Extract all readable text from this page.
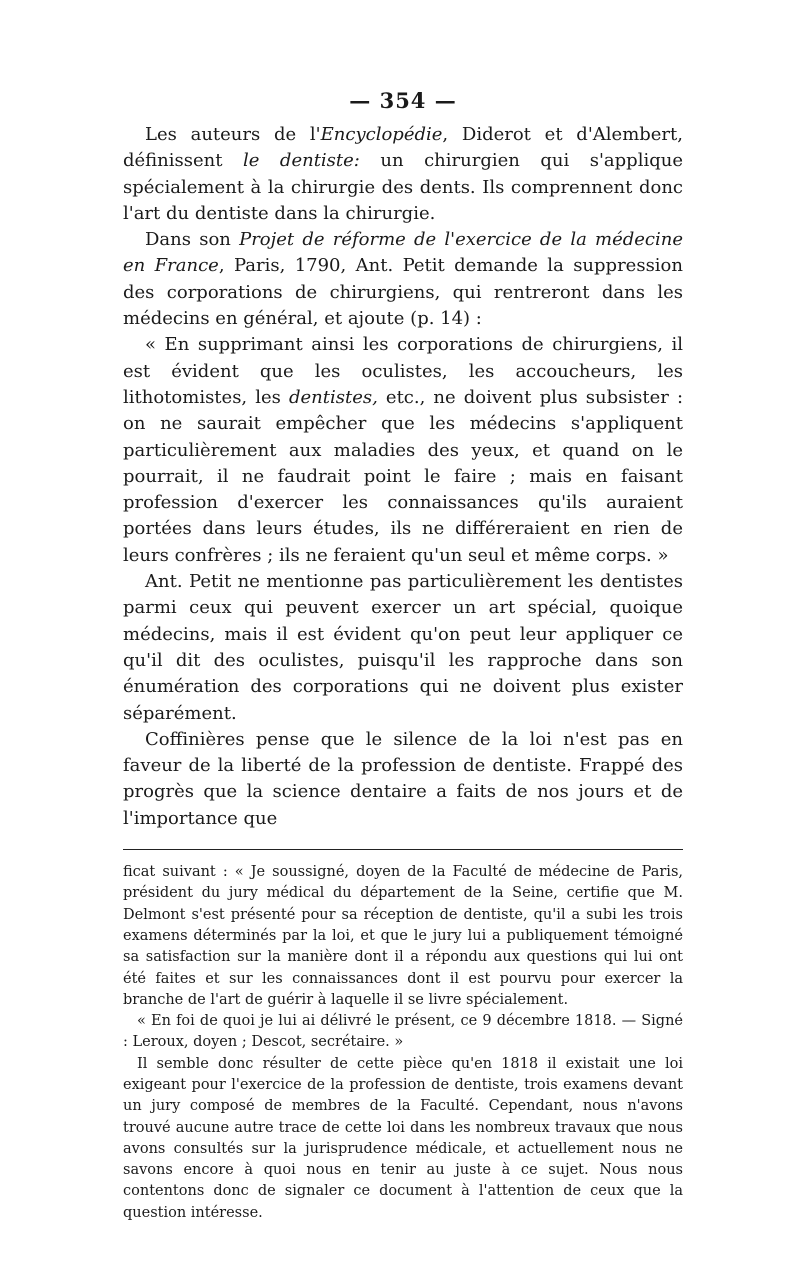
— 354 —

Les auteurs de l'Encyclopédie, Diderot et d'Alembert, définissent le dentiste: un chirurgien qui s'applique spécialement à la chirurgie des dents. Ils comprennent donc l'art du dentiste dans la chirurgie.

Dans son Projet de réforme de l'exercice de la médecine en France, Paris, 1790, Ant. Petit demande la suppression des corporations de chirurgiens, qui rentreront dans les médecins en général, et ajoute (p. 14) :

« En supprimant ainsi les corporations de chirurgiens, il est évident que les oculistes, les accoucheurs, les lithotomistes, les dentistes, etc., ne doivent plus subsister : on ne saurait empêcher que les médecins s'appliquent particulièrement aux maladies des yeux, et quand on le pourrait, il ne faudrait point le faire ; mais en faisant profession d'exercer les connaissances qu'ils auraient portées dans leurs études, ils ne différeraient en rien de leurs confrères ; ils ne feraient qu'un seul et même corps. »

Ant. Petit ne mentionne pas particulièrement les dentistes parmi ceux qui peuvent exercer un art spécial, quoique médecins, mais il est évident qu'on peut leur appliquer ce qu'il dit des oculistes, puisqu'il les rapproche dans son énumération des corporations qui ne doivent plus exister séparément.

Coffinières pense que le silence de la loi n'est pas en faveur de la liberté de la profession de dentiste. Frappé des progrès que la science dentaire a faits de nos jours et de l'importance que

ficat suivant : « Je soussigné, doyen de la Faculté de médecine de Paris, président du jury médical du département de la Seine, certifie que M. Delmont s'est présenté pour sa réception de dentiste, qu'il a subi les trois examens déterminés par la loi, et que le jury lui a publiquement témoigné sa satisfaction sur la manière dont il a répondu aux questions qui lui ont été faites et sur les connaissances dont il est pourvu pour exercer la branche de l'art de guérir à laquelle il se livre spécialement.

« En foi de quoi je lui ai délivré le présent, ce 9 décembre 1818. — Signé : Leroux, doyen ; Descot, secrétaire. »

Il semble donc résulter de cette pièce qu'en 1818 il existait une loi exigeant pour l'exercice de la profession de dentiste, trois examens devant un jury composé de membres de la Faculté. Cependant, nous n'avons trouvé aucune autre trace de cette loi dans les nombreux travaux que nous avons consultés sur la jurisprudence médicale, et actuellement nous ne savons encore à quoi nous en tenir au juste à ce sujet. Nous nous contentons donc de signaler ce document à l'attention de ceux que la question intéresse.
